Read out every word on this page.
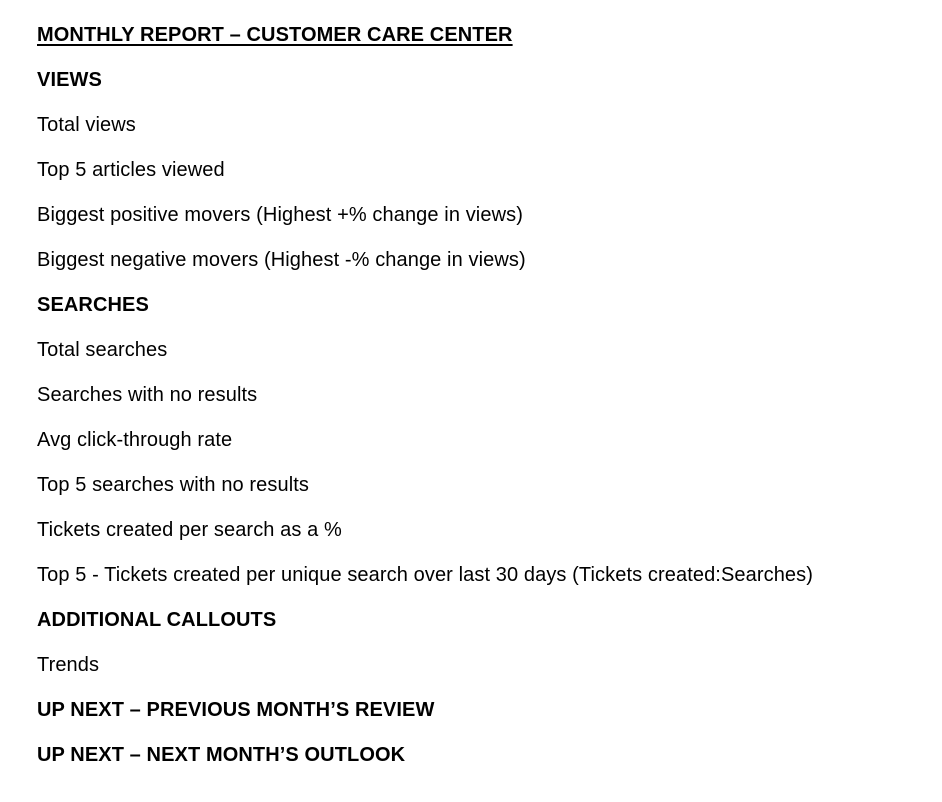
MONTHLY REPORT – CUSTOMER CARE CENTER
VIEWS
Total views
Top 5 articles viewed
Biggest positive movers (Highest +% change in views)
Biggest negative movers (Highest -% change in views)
SEARCHES
Total searches
Searches with no results
Avg click-through rate
Top 5 searches with no results
Tickets created per search as a %
Top 5 - Tickets created per unique search over last 30 days (Tickets created:Searches)
ADDITIONAL CALLOUTS
Trends
UP NEXT – PREVIOUS MONTH’S REVIEW
UP NEXT – NEXT MONTH’S OUTLOOK
